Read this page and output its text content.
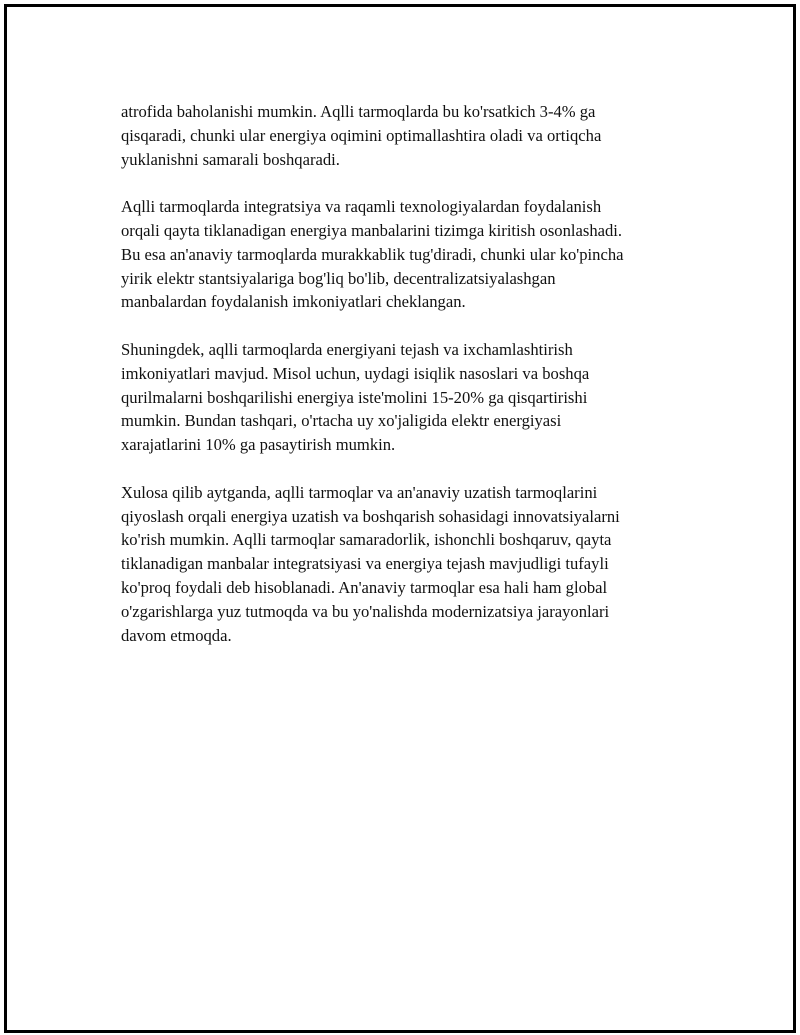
atrofida baholanishi mumkin. Aqlli tarmoqlarda bu ko'rsatkich 3-4% ga
qisqaradi, chunki ular energiya oqimini optimallashtira oladi va ortiqcha
yuklanishni samarali boshqaradi.

Aqlli tarmoqlarda integratsiya va raqamli texnologiyalardan foydalanish
orqali qayta tiklanadigan energiya manbalarini tizimga kiritish osonlashadi.
Bu esa an'anaviy tarmoqlarda murakkablik tug'diradi, chunki ular ko'pincha
yirik elektr stantsiyalariga bog'liq bo'lib, decentralizatsiyalashgan
manbalardan foydalanish imkoniyatlari cheklangan.

Shuningdek, aqlli tarmoqlarda energiyani tejash va ixchamlashtirish
imkoniyatlari mavjud. Misol uchun, uydagi isiqlik nasoslari va boshqa
qurilmalarni boshqarilishi energiya iste'molini 15-20% ga qisqartirishi
mumkin. Bundan tashqari, o'rtacha uy xo'jaligida elektr energiyasi
xarajatlarini 10% ga pasaytirish mumkin.

Xulosa qilib aytganda, aqlli tarmoqlar va an'anaviy uzatish tarmoqlarini
qiyoslash orqali energiya uzatish va boshqarish sohasidagi innovatsiyalarni
ko'rish mumkin. Aqlli tarmoqlar samaradorlik, ishonchli boshqaruv, qayta
tiklanadigan manbalar integratsiyasi va energiya tejash mavjudligi tufayli
ko'proq foydali deb hisoblanadi. An'anaviy tarmoqlar esa hali ham global
o'zgarishlarga yuz tutmoqda va bu yo'nalishda modernizatsiya jarayonlari
davom etmoqda.
